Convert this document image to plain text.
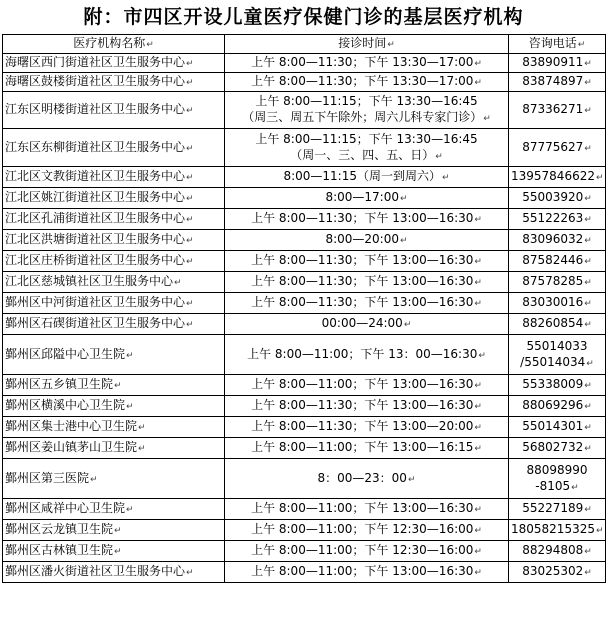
附：市四区开设儿童医疗保健门诊的基层医疗机构
医疗机构名称↵	接诊时间↵	咨询电话↵
海曙区西门街道社区卫生服务中心↵	上午 8:00—11:30；下午 13:30—17:00↵	83890911↵

海曙区鼓楼街道社区卫生服务中心↵	上午 8:00—11:30；下午 13:30—17:00↵	83874897↵

江东区明楼街道社区卫生服务中心↵	上午 8:00—11:15；下午 13:30—16:45
（周三、周五下午除外；周六儿科专家门诊）↵	87336271↵

江东区东柳街道社区卫生服务中心↵	上午 8:00—11:15；下午 13:30—16:45
（周一、三、四、五、日）↵	87775627↵

江北区文教街道社区卫生服务中心↵	8:00—11:15（周一到周六）↵	13957846622↵

江北区姚江街道社区卫生服务中心↵	8:00—17:00↵	55003920↵

江北区孔浦街道社区卫生服务中心↵	上午 8:00—11:30；下午 13:00—16:30↵	55122263↵

江北区洪塘街道社区卫生服务中心↵	8:00—20:00↵	83096032↵

江北区庄桥街道社区卫生服务中心↵	上午 8:00—11:30；下午 13:00—16:30↵	87582446↵

江北区慈城镇社区卫生服务中心↵	上午 8:00—11:30；下午 13:00—16:30↵	87578285↵

鄞州区中河街道社区卫生服务中心↵	上午 8:00—11:30；下午 13:00—16:30↵	83030016↵

鄞州区石碶街道社区卫生服务中心↵	00:00—24:00↵	88260854↵

鄞州区邱隘中心卫生院↵	上午 8:00—11:00；下午 13：00—16:30↵	55014033
/55014034↵

鄞州区五乡镇卫生院↵	上午 8:00—11:00；下午 13:00—16:30↵	55338009↵

鄞州区横溪中心卫生院↵	上午 8:00—11:30；下午 13:00—16:30↵	88069296↵

鄞州区集士港中心卫生院↵	上午 8:00—11:30；下午 13:00—20:00↵	55014301↵

鄞州区姜山镇茅山卫生院↵	上午 8:00—11:00；下午 13:00—16:15↵	56802732↵

鄞州区第三医院↵	8：00—23：00↵	88098990
-8105↵

鄞州区咸祥中心卫生院↵	上午 8:00—11:00；下午 13:00—16:30↵	55227189↵

鄞州区云龙镇卫生院↵	上午 8:00—11:00；下午 12:30—16:00↵	18058215325↵

鄞州区古林镇卫生院↵	上午 8:00—11:00；下午 12:30—16:00↵	88294808↵

鄞州区潘火街道社区卫生服务中心↵	上午 8:00—11:00；下午 13:00—16:30↵	83025302↵
